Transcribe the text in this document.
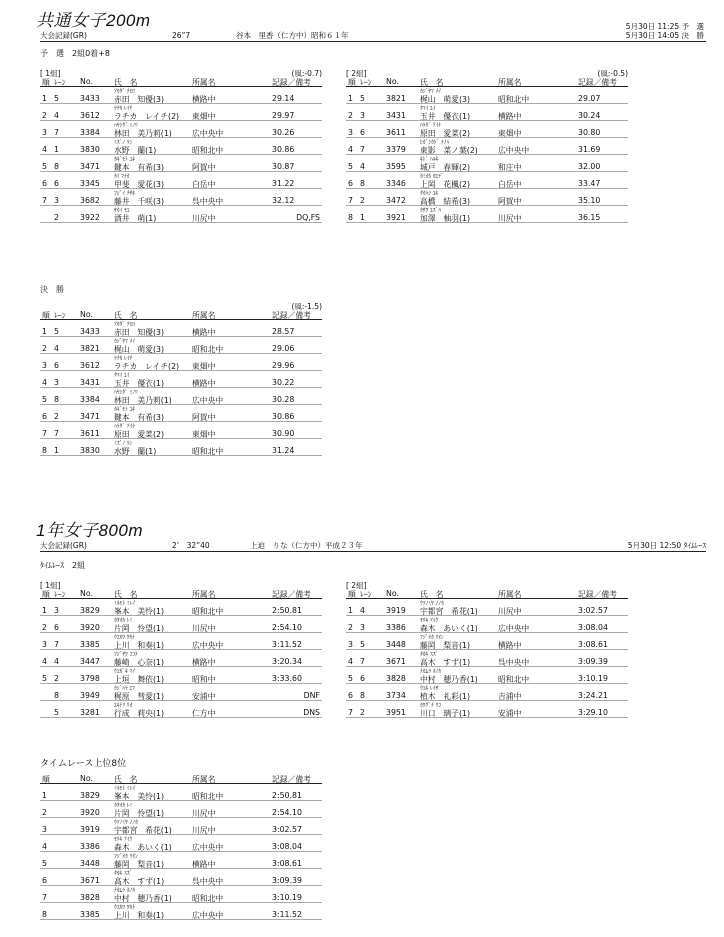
共通女子200m	5月30日 11:25 予　選
5月30日 14:05 決　勝
大会記録(GR)	26”7	谷本　里香（仁方中）昭和６１年
予　選　2組0着+8
[ 1組]	(風:-0.7)
順 ﾚｰﾝ No.	氏　名	所属名	記録／備考
ｱｶﾀﾞ ﾁﾋﾛ
1 5	3433 赤田　知優(3)	横路中	29.14
ﾗﾁｶ ﾚｲﾁ
2 4	3612 ラチカ　レイチ(2) 東畑中	29.97
ﾊﾔｼﾀﾞ ﾐﾉﾘ
3 7	3384 林田　美乃莉(1)	広中央中	30.26
ﾐｽﾞﾉ ﾗﾝ
4 1	3830 水野　蘭(1)	昭和北中	30.86
ｶｷﾞﾓﾄ ﾕｷ
5 8	3471 鍵本　有希(3)	阿賀中	30.87
ｶｲ ﾏﾅｶ
6 6	3345 甲斐　愛花(3)	白岳中	31.22
ﾌｼﾞｲ ﾁｻｷ
7 3	3682 藤井　千咲(3)	呉中央中	32.12
ｻｶｲ ﾓｴ
2	3922 酒井　萌(1)	川尻中	DQ,FS
[ 2組]	(風:-0.5)
順 ﾚｰﾝ No.	氏　名	所属名	記録／備考
ｶｼﾞﾔﾏ ﾒｲ
1 5	3821 梶山　萌愛(3)	昭和北中	29.07
ﾀﾏｲ ﾕｲ
2 3	3431 玉井　優衣(1)	横路中	30.24
ﾊﾗﾀﾞ ｱｲﾅ
3 6	3611 原田　愛菜(2)	東畑中	30.80
ﾋｶﾞｼｶｹﾞ ﾅﾉﾊ
4 7	3379 東影　菜ノ葉(2)	広中央中	31.69
ｷﾄﾞ ﾊﾙｷ
5 4	3595 城戸　春輝(2)	和庄中	32.00
ｶﾐｵｶ ｶｴﾃﾞ
6 8	3346 上岡　花楓(2)	白岳中	33.47
ﾀｶﾊｼ ﾕｷ
7 2	3472 高橋　結希(3)	阿賀中	35.10
ｶｻﾜ ﾕｽﾞﾊ
8 1	3921 加澤　柚羽(1)	川尻中	36.15
決　勝
(風:-1.5)
順 ﾚｰﾝ No.	氏　名	所属名	記録／備考
ｱｶﾀﾞ ﾁﾋﾛ
1 5	3433 赤田　知優(3)	横路中	28.57
ｶｼﾞﾔﾏ ﾒｲ
2 4	3821 梶山　萌愛(3)	昭和北中	29.06
ﾗﾁｶ ﾚｲﾁ
3 6	3612 ラチカ　レイチ(2) 東畑中	29.96
ﾀﾏｲ ﾕｲ
4 3	3431 玉井　優衣(1)	横路中	30.22
ﾊﾔｼﾀﾞ ﾐﾉﾘ
5 8	3384 林田　美乃莉(1)	広中央中	30.28
ｶｷﾞﾓﾄ ﾕｷ
6 2	3471 鍵本　有希(3)	阿賀中	30.86
ﾊﾗﾀﾞ ｱｲﾅ
7 7	3611 原田　愛菜(2)	東畑中	30.90
ﾐｽﾞﾉ ﾗﾝ
8 1	3830 水野　蘭(1)	昭和北中	31.24
1年女子800m
大会記録(GR)	2’ 32”40	上迫　りな（仁方中）平成２３年	5月30日 12:50 ﾀｲﾑﾚｰｽ
ﾀｲﾑﾚｰｽ　2組
[ 1組]
順 ﾚｰﾝ No.	氏　名	所属名	記録／備考
ﾐﾈﾓﾄ ﾐﾚｲ
1 3	3829 峯本　美怜(1)	昭和北中	2:50.81
ｶﾀｵｶ ﾚﾐ
2 6	3920 片岡　怜望(1)	川尻中	2:54.10
ｳｴｶﾜ ﾜｶﾅ
3 7	3385 上川　和奏(1)	広中央中	3:11.52
ﾌｼﾞｻﾜ ｺｺﾅ
4 4	3447 藤崎　心奈(1)	横路中	3:20.34
ｳｴｶﾞｷ ﾏｲ
5 2	3798 上垣　舞依(1)	昭和中	3:33.60
ｶｼﾞﾊﾗ ｴﾏ
8	3949 梶原　彗愛(1)	安浦中	DNF
ﾕｷﾅﾘ ﾘｵ
5	3281 行成　莉央(1)	仁方中	DNS
[ 2組]
順 ﾚｰﾝ No.	氏　名	所属名	記録／備考
ｳﾂﾉﾐﾔ ﾉﾉｶ
1 4	3919 宇都宮　希花(1)	川尻中	3:02.57
ﾓﾘｷ ｱｲｸ
2 3	3386 森木　あいく(1)	広中央中	3:08.04
ﾌｼﾞｵｶ ﾘｵﾝ
3 5	3448 藤岡　梨音(1)	横路中	3:08.61
ﾀｶｷ ｽｽﾞ
4 7	3671 高木　すず(1)	呉中央中	3:09.39
ﾅｶﾑﾗ ﾎﾉｶ
5 6	3828 中村　穂乃香(1)	昭和北中	3:10.19
ｳｴｷ ﾚｲｻ
6 8	3734 植木　礼彩(1)	吉浦中	3:24.21
ｶﾜｸﾞﾁ ﾘｺ
7 2	3951 川口　璃子(1)	安浦中	3:29.10
タイムレース上位8位
順	No.	氏　名	所属名	記録／備考
ﾐﾈﾓﾄ ﾐﾚｲ
1	3829 峯本　美怜(1)	昭和北中	2:50.81
ｶﾀｵｶ ﾚﾐ
2	3920 片岡　怜望(1)	川尻中	2:54.10
ｳﾂﾉﾐﾔ ﾉﾉｶ
3	3919 宇都宮　希花(1)	川尻中	3:02.57
ﾓﾘｷ ｱｲｸ
4	3386 森木　あいく(1)	広中央中	3:08.04
ﾌｼﾞｵｶ ﾘｵﾝ
5	3448 藤岡　梨音(1)	横路中	3:08.61
ﾀｶｷ ｽｽﾞ
6	3671 高木　すず(1)	呉中央中	3:09.39
ﾅｶﾑﾗ ﾎﾉｶ
7	3828 中村　穂乃香(1)	昭和北中	3:10.19
ｳｴｶﾜ ﾜｶﾅ
8	3385 上川　和奏(1)	広中央中	3:11.52
